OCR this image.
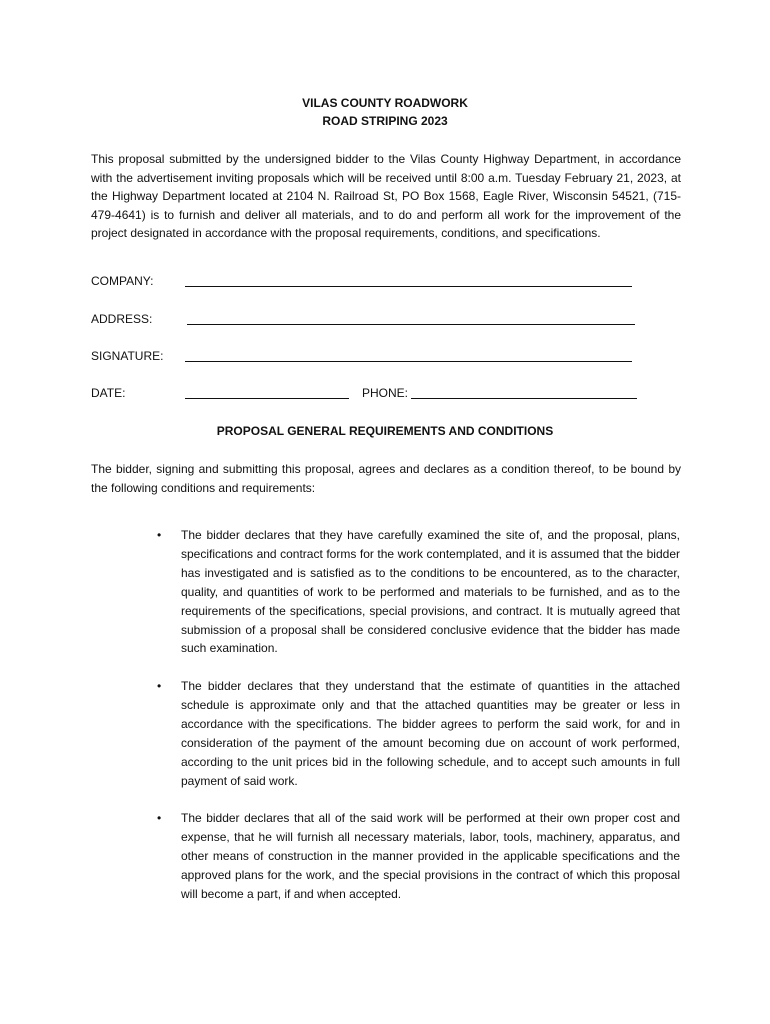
VILAS COUNTY ROADWORK
ROAD STRIPING 2023
This proposal submitted by the undersigned bidder to the Vilas County Highway Department, in accordance with the advertisement inviting proposals which will be received until 8:00 a.m. Tuesday February 21, 2023, at the Highway Department located at 2104 N. Railroad St, PO Box 1568, Eagle River, Wisconsin 54521, (715-479-4641) is to furnish and deliver all materials, and to do and perform all work for the improvement of the project designated in accordance with the proposal requirements, conditions, and specifications.
COMPANY:
ADDRESS:
SIGNATURE:
DATE:	PHONE:
PROPOSAL GENERAL REQUIREMENTS AND CONDITIONS
The bidder, signing and submitting this proposal, agrees and declares as a condition thereof, to be bound by the following conditions and requirements:
• The bidder declares that they have carefully examined the site of, and the proposal, plans, specifications and contract forms for the work contemplated, and it is assumed that the bidder has investigated and is satisfied as to the conditions to be encountered, as to the character, quality, and quantities of work to be performed and materials to be furnished, and as to the requirements of the specifications, special provisions, and contract. It is mutually agreed that submission of a proposal shall be considered conclusive evidence that the bidder has made such examination.
• The bidder declares that they understand that the estimate of quantities in the attached schedule is approximate only and that the attached quantities may be greater or less in accordance with the specifications. The bidder agrees to perform the said work, for and in consideration of the payment of the amount becoming due on account of work performed, according to the unit prices bid in the following schedule, and to accept such amounts in full payment of said work.
• The bidder declares that all of the said work will be performed at their own proper cost and expense, that he will furnish all necessary materials, labor, tools, machinery, apparatus, and other means of construction in the manner provided in the applicable specifications and the approved plans for the work, and the special provisions in the contract of which this proposal will become a part, if and when accepted.
